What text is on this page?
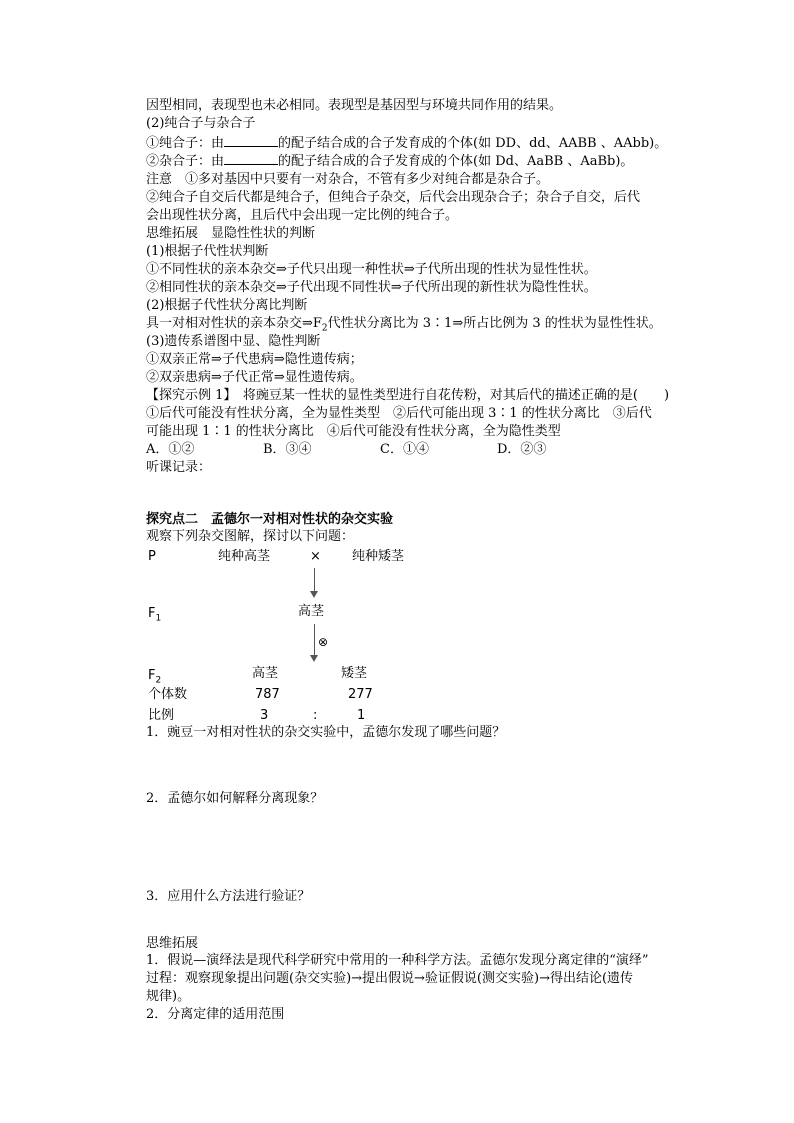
因型相同，表现型也未必相同。表现型是基因型与环境共同作用的结果。
(2)纯合子与杂合子
①纯合子：由	的配子结合成的合子发育成的个体(如 DD、dd、AABB 、AAbb)。
②杂合子：由	的配子结合成的合子发育成的个体(如 Dd、AaBB 、AaBb)。
注意　①多对基因中只要有一对杂合，不管有多少对纯合都是杂合子。
②纯合子自交后代都是纯合子，但纯合子杂交，后代会出现杂合子；杂合子自交，后代
会出现性状分离，且后代中会出现一定比例的纯合子。
思维拓展　显隐性性状的判断
(1)根据子代性状判断
①不同性状的亲本杂交⇒子代只出现一种性状⇒子代所出现的性状为显性性状。
②相同性状的亲本杂交⇒子代出现不同性状⇒子代所出现的新性状为隐性性状。
(2)根据子代性状分离比判断
具一对相对性状的亲本杂交$\Rightarrow F_2$代性状分离比为 3∶1⇒所占比例为 3 的性状为显性性状。
(3)遗传系谱图中显、隐性判断
①双亲正常⇒子代患病⇒隐性遗传病；
②双亲患病⇒子代正常⇒显性遗传病。
【探究示例 1】　将豌豆某一性状的显性类型进行自花传粉，对其后代的描述正确的是(　　)
①后代可能没有性状分离，全为显性类型　②后代可能出现 3∶1 的性状分离比　③后代
可能出现 1∶1 的性状分离比　④后代可能没有性状分离，全为隐性类型
A．①②	B．③④	C．①④	D．②③
听课记录：
探究点二　孟德尔一对相对性状的杂交实验
观察下列杂交图解，探讨以下问题：
P	纯种高茎	× 纯种矮茎
$F_1$	高茎
⊗
$F_2$	高茎	矮茎
个体数	787	277
比例	3	:	1
1．豌豆一对相对性状的杂交实验中，孟德尔发现了哪些问题？
2．孟德尔如何解释分离现象？
3．应用什么方法进行验证？
思维拓展
1．假说—演绎法是现代科学研究中常用的一种科学方法。孟德尔发现分离定律的“演绎”
过程：观察现象提出问题(杂交实验)→提出假说→验证假说(测交实验)→得出结论(遗传
规律)。
2．分离定律的适用范围
